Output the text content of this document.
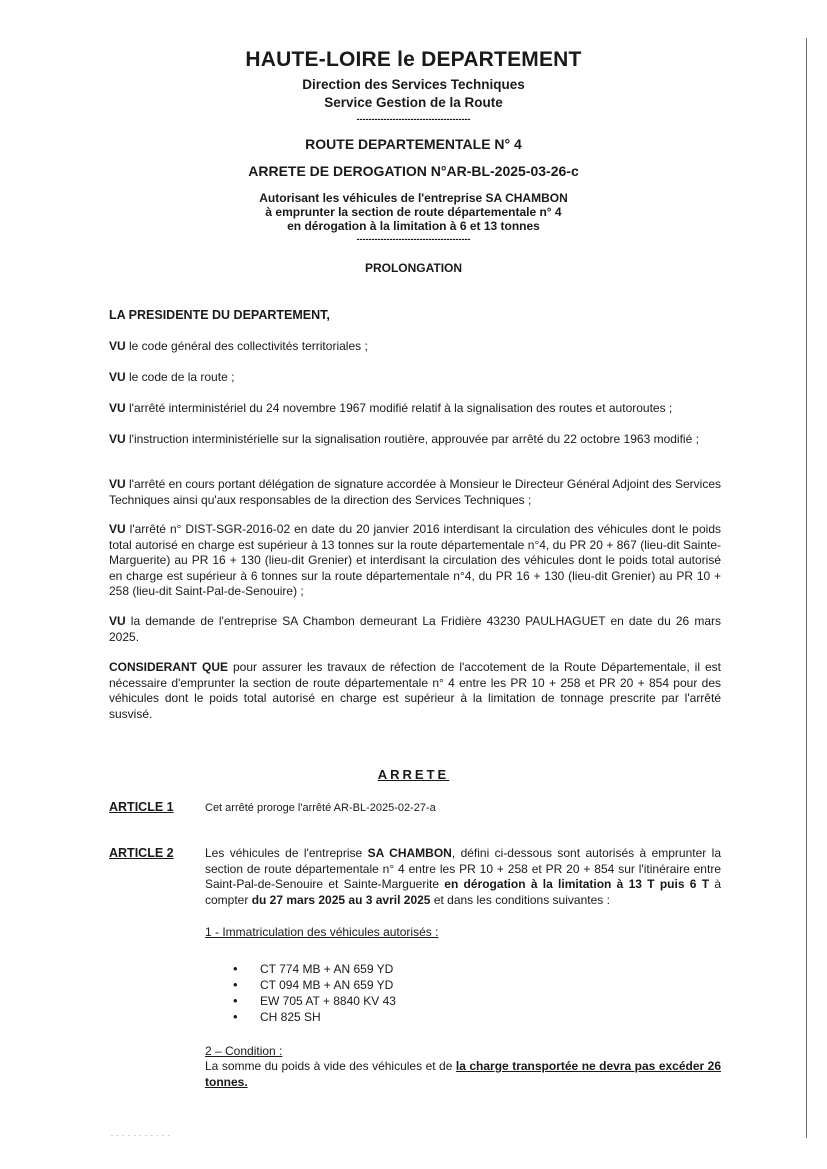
HAUTE-LOIRE le DEPARTEMENT
Direction des Services Techniques
Service Gestion de la Route
--------------------------------------
ROUTE DEPARTEMENTALE N° 4
ARRETE DE DEROGATION N°AR-BL-2025-03-26-c
Autorisant les véhicules de l'entreprise SA CHAMBON
à emprunter la section de route départementale n° 4
en dérogation à la limitation à 6 et 13 tonnes
--------------------------------------
PROLONGATION
LA PRESIDENTE DU DEPARTEMENT,
VU le code général des collectivités territoriales ;
VU le code de la route ;
VU l'arrêté interministériel du 24 novembre 1967 modifié relatif à la signalisation des routes et autoroutes ;
VU l'instruction interministérielle sur la signalisation routière, approuvée par arrêté du 22 octobre 1963 modifié ;
VU l'arrêté en cours portant délégation de signature accordée à Monsieur le Directeur Général Adjoint des Services Techniques ainsi qu'aux responsables de la direction des Services Techniques ;
VU l'arrêté n° DIST-SGR-2016-02 en date du 20 janvier 2016 interdisant la circulation des véhicules dont le poids total autorisé en charge est supérieur à 13 tonnes sur la route départementale n°4, du PR 20 + 867 (lieu-dit Sainte-Marguerite) au PR 16 + 130 (lieu-dit Grenier) et interdisant la circulation des véhicules dont le poids total autorisé en charge est supérieur à 6 tonnes sur la route départementale n°4, du PR 16 + 130 (lieu-dit Grenier) au PR 10 + 258 (lieu-dit Saint-Pal-de-Senouire) ;
VU la demande de l'entreprise SA Chambon demeurant La Fridière 43230 PAULHAGUET en date du 26 mars 2025.
CONSIDERANT QUE pour assurer les travaux de réfection de l'accotement de la Route Départementale, il est nécessaire d'emprunter la section de route départementale n° 4 entre les PR 10 + 258 et PR 20 + 854 pour des véhicules dont le poids total autorisé en charge est supérieur à la limitation de tonnage prescrite par l'arrêté susvisé.
ARRETE
ARTICLE 1	Cet arrêté proroge l'arrêté AR-BL-2025-02-27-a
ARTICLE 2	Les véhicules de l'entreprise SA CHAMBON, défini ci-dessous sont autorisés à emprunter la section de route départementale n° 4 entre les PR 10 + 258 et PR 20 + 854 sur l'itinéraire entre Saint-Pal-de-Senouire et Sainte-Marguerite en dérogation à la limitation à 13 T puis 6 T à compter du 27 mars 2025 au 3 avril 2025 et dans les conditions suivantes :
1 - Immatriculation des véhicules autorisés :
• CT 774 MB + AN 659 YD
• CT 094 MB + AN 659 YD
• EW 705 AT + 8840 KV 43
• CH 825 SH
2 – Condition :
La somme du poids à vide des véhicules et de la charge transportée ne devra pas excéder 26 tonnes.
- - - - - - - - - - -
